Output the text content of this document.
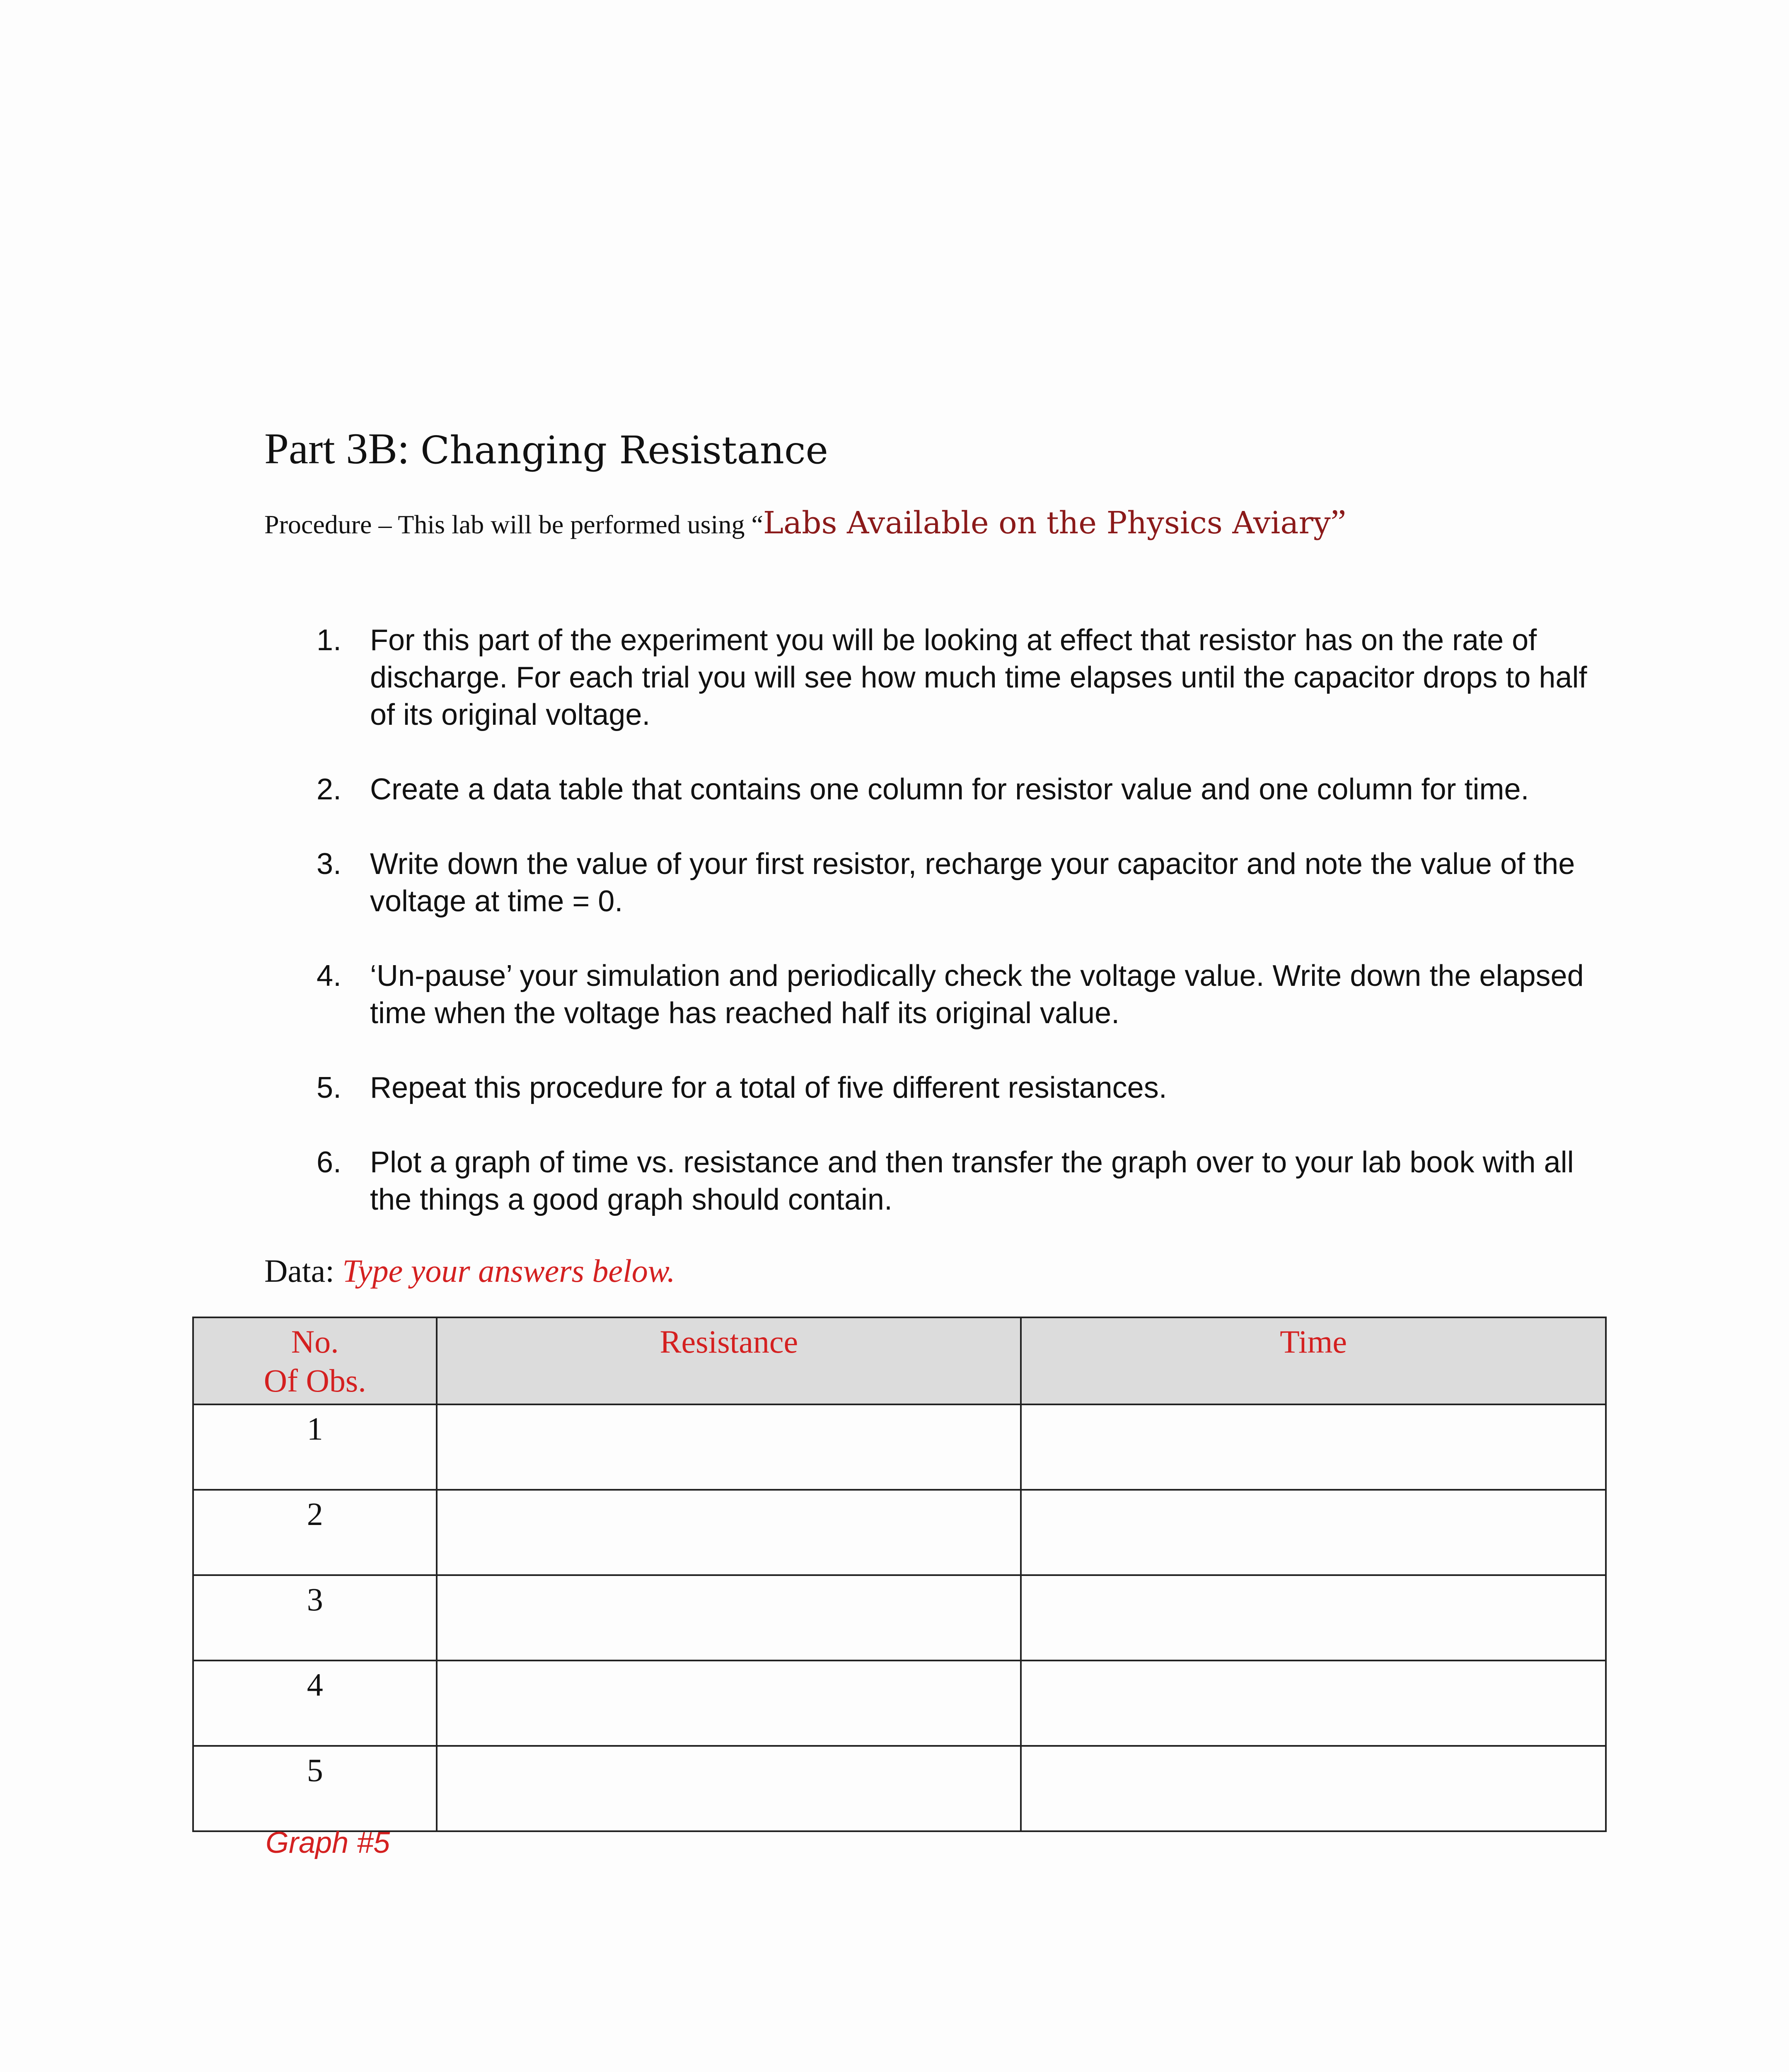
Part 3B: Changing Resistance
Procedure – This lab will be performed using “Labs Available on the Physics Aviary”
1. For this part of the experiment you will be looking at effect that resistor has on the rate of discharge. For each trial you will see how much time elapses until the capacitor drops to half of its original voltage.
2. Create a data table that contains one column for resistor value and one column for time.
3. Write down the value of your first resistor, recharge your capacitor and note the value of the voltage at time = 0.
4. ‘Un-pause’ your simulation and periodically check the voltage value. Write down the elapsed time when the voltage has reached half its original value.
5. Repeat this procedure for a total of five different resistances.
6. Plot a graph of time vs. resistance and then transfer the graph over to your lab book with all the things a good graph should contain.
Data: Type your answers below.
No.
Of Obs.	Resistance	Time
1		
2		
3		
4		
5		
Graph #5
